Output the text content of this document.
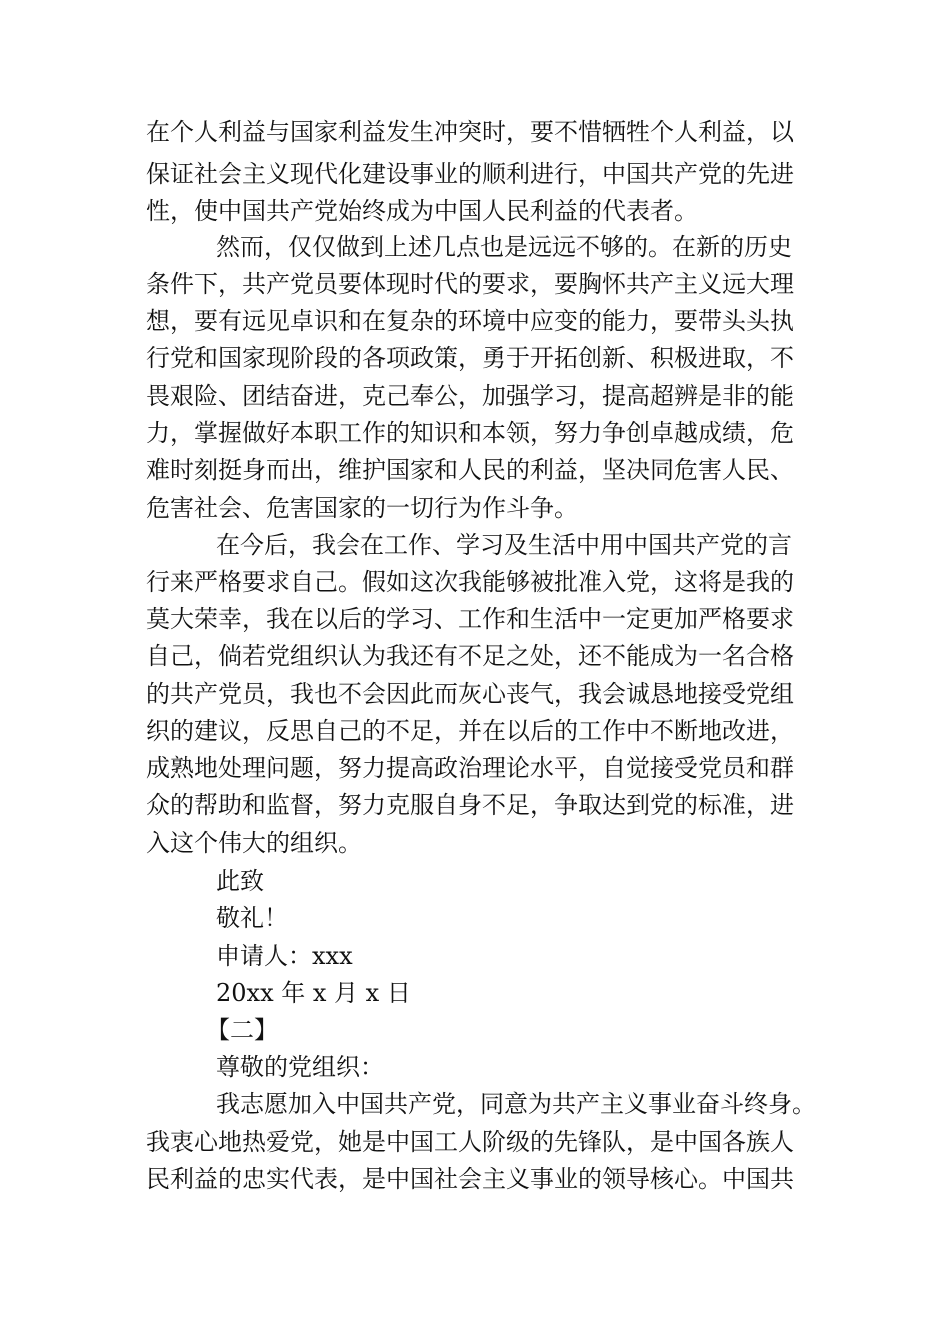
在个人利益与国家利益发生冲突时，要不惜牺牲个人利益，以
保证社会主义现代化建设事业的顺利进行，中国共产党的先进
性，使中国共产党始终成为中国人民利益的代表者。
然而，仅仅做到上述几点也是远远不够的。在新的历史
条件下，共产党员要体现时代的要求，要胸怀共产主义远大理
想，要有远见卓识和在复杂的环境中应变的能力，要带头头执
行党和国家现阶段的各项政策，勇于开拓创新、积极进取，不
畏艰险、团结奋进，克己奉公，加强学习，提高超辨是非的能
力，掌握做好本职工作的知识和本领，努力争创卓越成绩，危
难时刻挺身而出，维护国家和人民的利益，坚决同危害人民、
危害社会、危害国家的一切行为作斗争。
在今后，我会在工作、学习及生活中用中国共产党的言
行来严格要求自己。假如这次我能够被批准入党，这将是我的
莫大荣幸，我在以后的学习、工作和生活中一定更加严格要求
自己，倘若党组织认为我还有不足之处，还不能成为一名合格
的共产党员，我也不会因此而灰心丧气，我会诚恳地接受党组
织的建议，反思自己的不足，并在以后的工作中不断地改进，
成熟地处理问题，努力提高政治理论水平，自觉接受党员和群
众的帮助和监督，努力克服自身不足，争取达到党的标准，进
入这个伟大的组织。
此致
敬礼！
申请人：xxx
20xx 年 x 月 x 日
【二】
尊敬的党组织：
我志愿加入中国共产党，同意为共产主义事业奋斗终身。
我衷心地热爱党，她是中国工人阶级的先锋队，是中国各族人
民利益的忠实代表，是中国社会主义事业的领导核心。中国共
